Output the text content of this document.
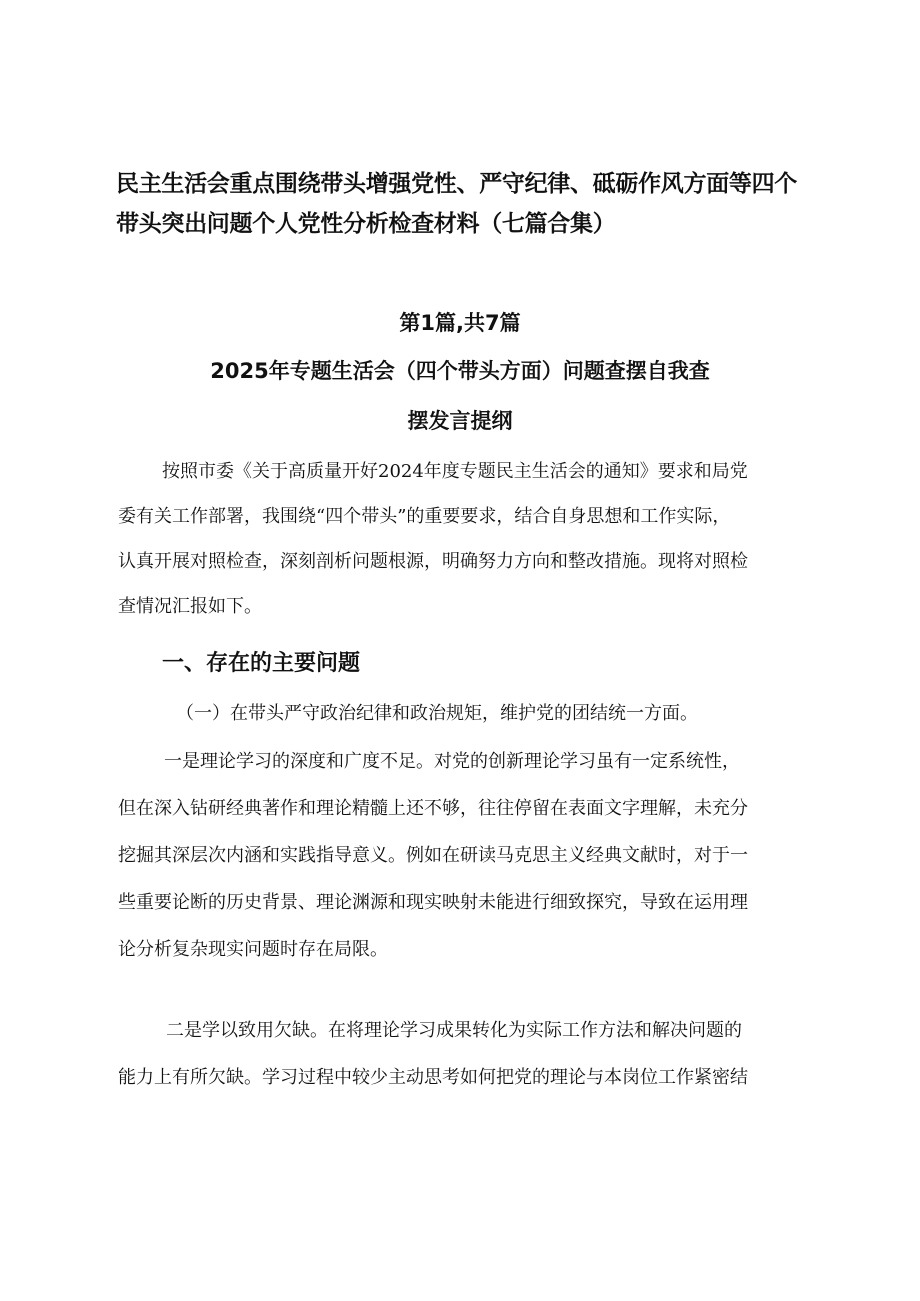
民主生活会重点围绕带头增强党性、严守纪律、砥砺作风方面等四个
带头突出问题个人党性分析检查材料（七篇合集）

第1篇,共7篇

2025年专题生活会（四个带头方面）问题查摆自我查

摆发言提纲

按照市委《关于高质量开好2024年度专题民主生活会的通知》要求和局党

委有关工作部署，我围绕“四个带头”的重要要求，结合自身思想和工作实际，

认真开展对照检查，深刻剖析问题根源，明确努力方向和整改措施。现将对照检

查情况汇报如下。

一、存在的主要问题

（一）在带头严守政治纪律和政治规矩，维护党的团结统一方面。

一是理论学习的深度和广度不足。对党的创新理论学习虽有一定系统性，

但在深入钻研经典著作和理论精髓上还不够，往往停留在表面文字理解，未充分

挖掘其深层次内涵和实践指导意义。例如在研读马克思主义经典文献时，对于一

些重要论断的历史背景、理论渊源和现实映射未能进行细致探究，导致在运用理

论分析复杂现实问题时存在局限。

二是学以致用欠缺。在将理论学习成果转化为实际工作方法和解决问题的

能力上有所欠缺。学习过程中较少主动思考如何把党的理论与本岗位工作紧密结
